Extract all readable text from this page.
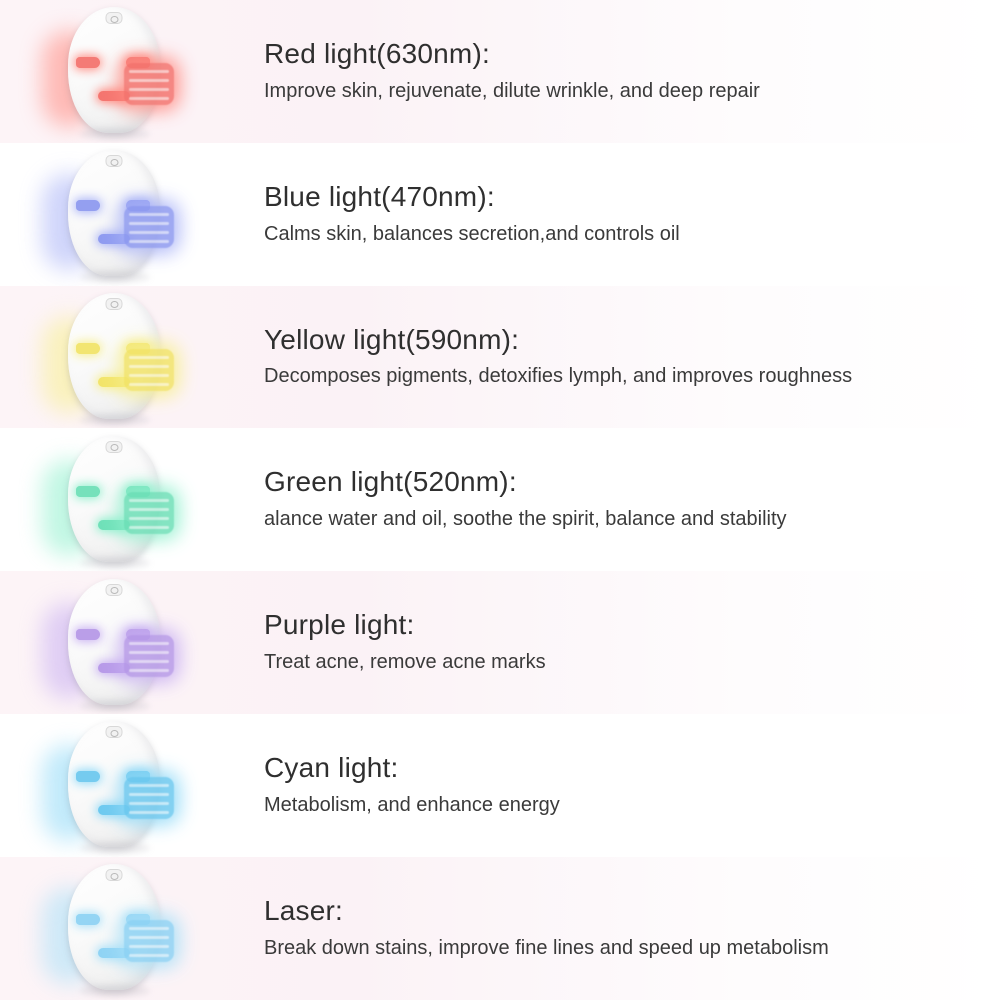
Red light(630nm):

Improve skin, rejuvenate, dilute wrinkle, and deep repair

Blue light(470nm):

Calms skin, balances secretion,and controls oil

Yellow light(590nm):

Decomposes pigments, detoxifies lymph, and improves roughness

Green light(520nm):

alance water and oil, soothe the spirit, balance and stability

Purple light:

Treat acne, remove acne marks

Cyan light:

Metabolism, and enhance energy

Laser:

Break down stains, improve fine lines and speed up metabolism
